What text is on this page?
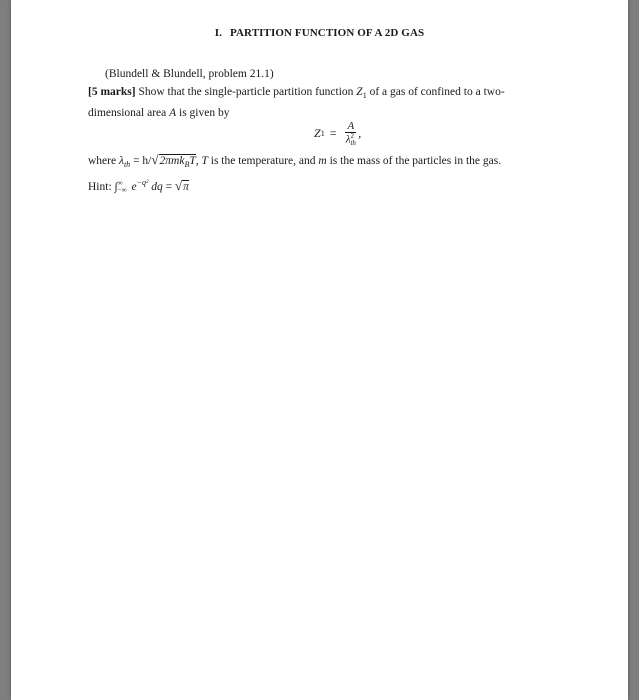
I. PARTITION FUNCTION OF A 2D GAS
(Blundell & Blundell, problem 21.1)
[5 marks] Show that the single-particle partition function $Z_1$ of a gas of confined to a two-
dimensional area A is given by
Z 1 = A
λ 2
th ,
where $\lambda_{th} = h/√2\pi mk_BT$, T is the temperature, and m is the mass of the particles in the gas.
Hint: ∫ ∞
−∞ $e^{-q^2}$ dq = √π
